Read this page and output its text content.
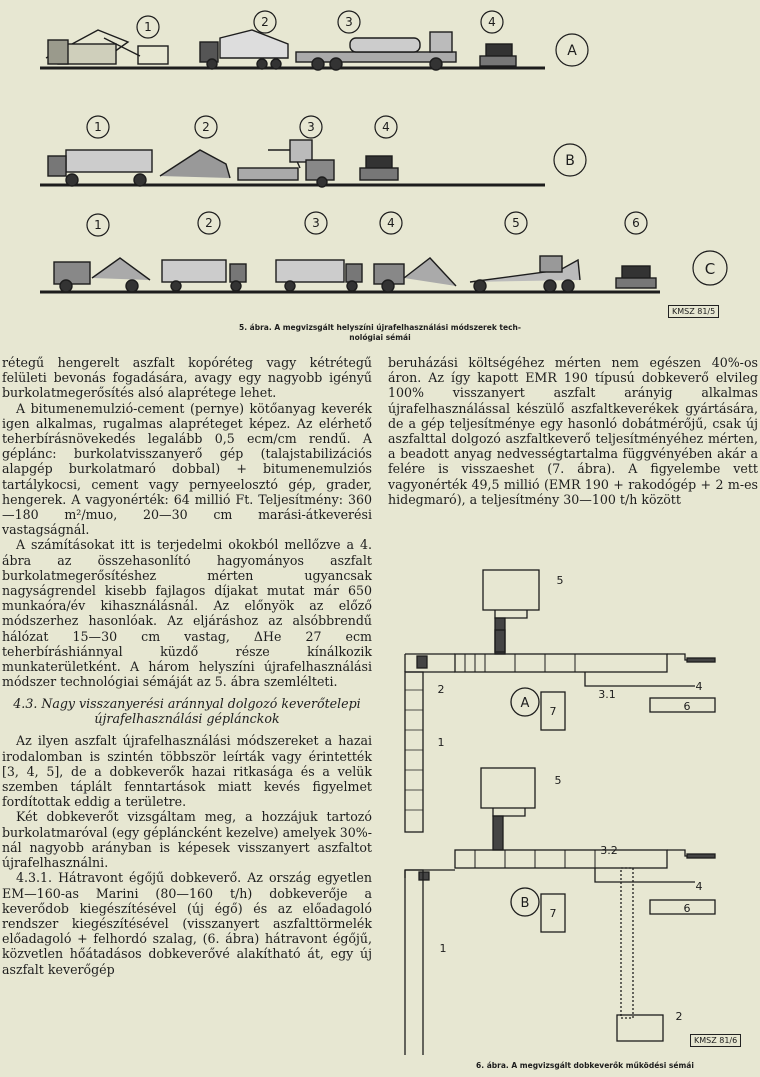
1	2	3	4
1	2	3	4
1	2	3	4	5	6
A
B
C
KMSZ 81/5
5. ábra. A megvizsgált helyszíni újrafelhasználási módszerek tech-
nológiai sémái

rétegű hengerelt aszfalt kopóréteg vagy kétrétegű felületi bevonás fogadására, avagy egy nagyobb igényű burkolatmegerősítés alsó alaprétege lehet.

A bitumenemulzió-cement (pernye) kötőanyag keverék igen alkalmas, rugalmas alapréteget képez. Az elérhető teherbírásnövekedés legalább 0,5 ecm/cm rendű. A géplánc: burkolatvisszanyerő gép (talajstabilizációs alapgép burkolatmaró dobbal) + bitumenemulziós tartálykocsi, cement vagy pernyeelosztó gép, grader, hengerek. A vagyonérték: 64 millió Ft. Teljesítmény: 360—180 m²/muo, 20—30 cm marási-átkeverési vastagságnál.

A számításokat itt is terjedelmi okokból mellőzve a 4. ábra az összehasonlító hagyományos aszfalt burkolatmegerősítéshez mérten ugyancsak nagyságrendel kisebb fajlagos díjakat mutat már 650 munkaóra/év kihasználásnál. Az előnyök az előző módszerhez hasonlóak. Az eljáráshoz az alsóbbrendű hálózat 15—30 cm vastag, ΔHe 27 ecm teherbíráshiánnyal küzdő része kínálkozik munkaterületként. A három helyszíni újrafelhasználási módszer technológiai sémáját az 5. ábra szemlélteti.

4.3. Nagy visszanyerési aránnyal dolgozó keverőtelepi újrafelhasználási géplánckok

Az ilyen aszfalt újrafelhasználási módszereket a hazai irodalomban is szintén többször leírták vagy érintették [3, 4, 5], de a dobkeverők hazai ritkasága és a velük szemben táplált fenntartások miatt kevés figyelmet fordítottak eddig a területre.

Két dobkeverőt vizsgáltam meg, a hozzájuk tartozó burkolatmaróval (egy gépláncként kezelve) amelyek 30%-nál nagyobb arányban is képesek visszanyert aszfaltot újrafelhasználni.

4.3.1. Hátravont égőjű dobkeverő. Az ország egyetlen EM—160-as Marini (80—160 t/h) dobkeverője a keverődob kiegészítésével (új égő) és az előadagoló rendszer kiegészítésével (visszanyert aszfalttörmelék előadagoló + felhordó szalag, (6. ábra) hátravont égőjű, közvetlen hőátadásos dobkeverővé alakítható át, egy új aszfalt keverőgép

beruházási költségéhez mérten nem egészen 40%-os áron. Az így kapott EMR 190 típusú dobkeverő elvileg 100% visszanyert aszfalt arányig alkalmas újrafelhasználással készülő aszfaltkeverékek gyártására, de a gép teljesítménye egy hasonló dobátmérőjű, csak új aszfalttal dolgozó aszfaltkeverő teljesítményéhez mérten, a beadott anyag nedvességtartalma függvényében akár a felére is visszaeshet (7. ábra). A figyelembe vett vagyonérték 49,5 millió (EMR 190 + rakodógép + 2 m-es hidegmaró), a teljesítmény 30—100 t/h között

5
2	3.1
4
6
7
1
A
5
3.2
4
6
7
1
2
B
KMSZ 81/6
6. ábra. A megvizsgált dobkeverők működési sémái
